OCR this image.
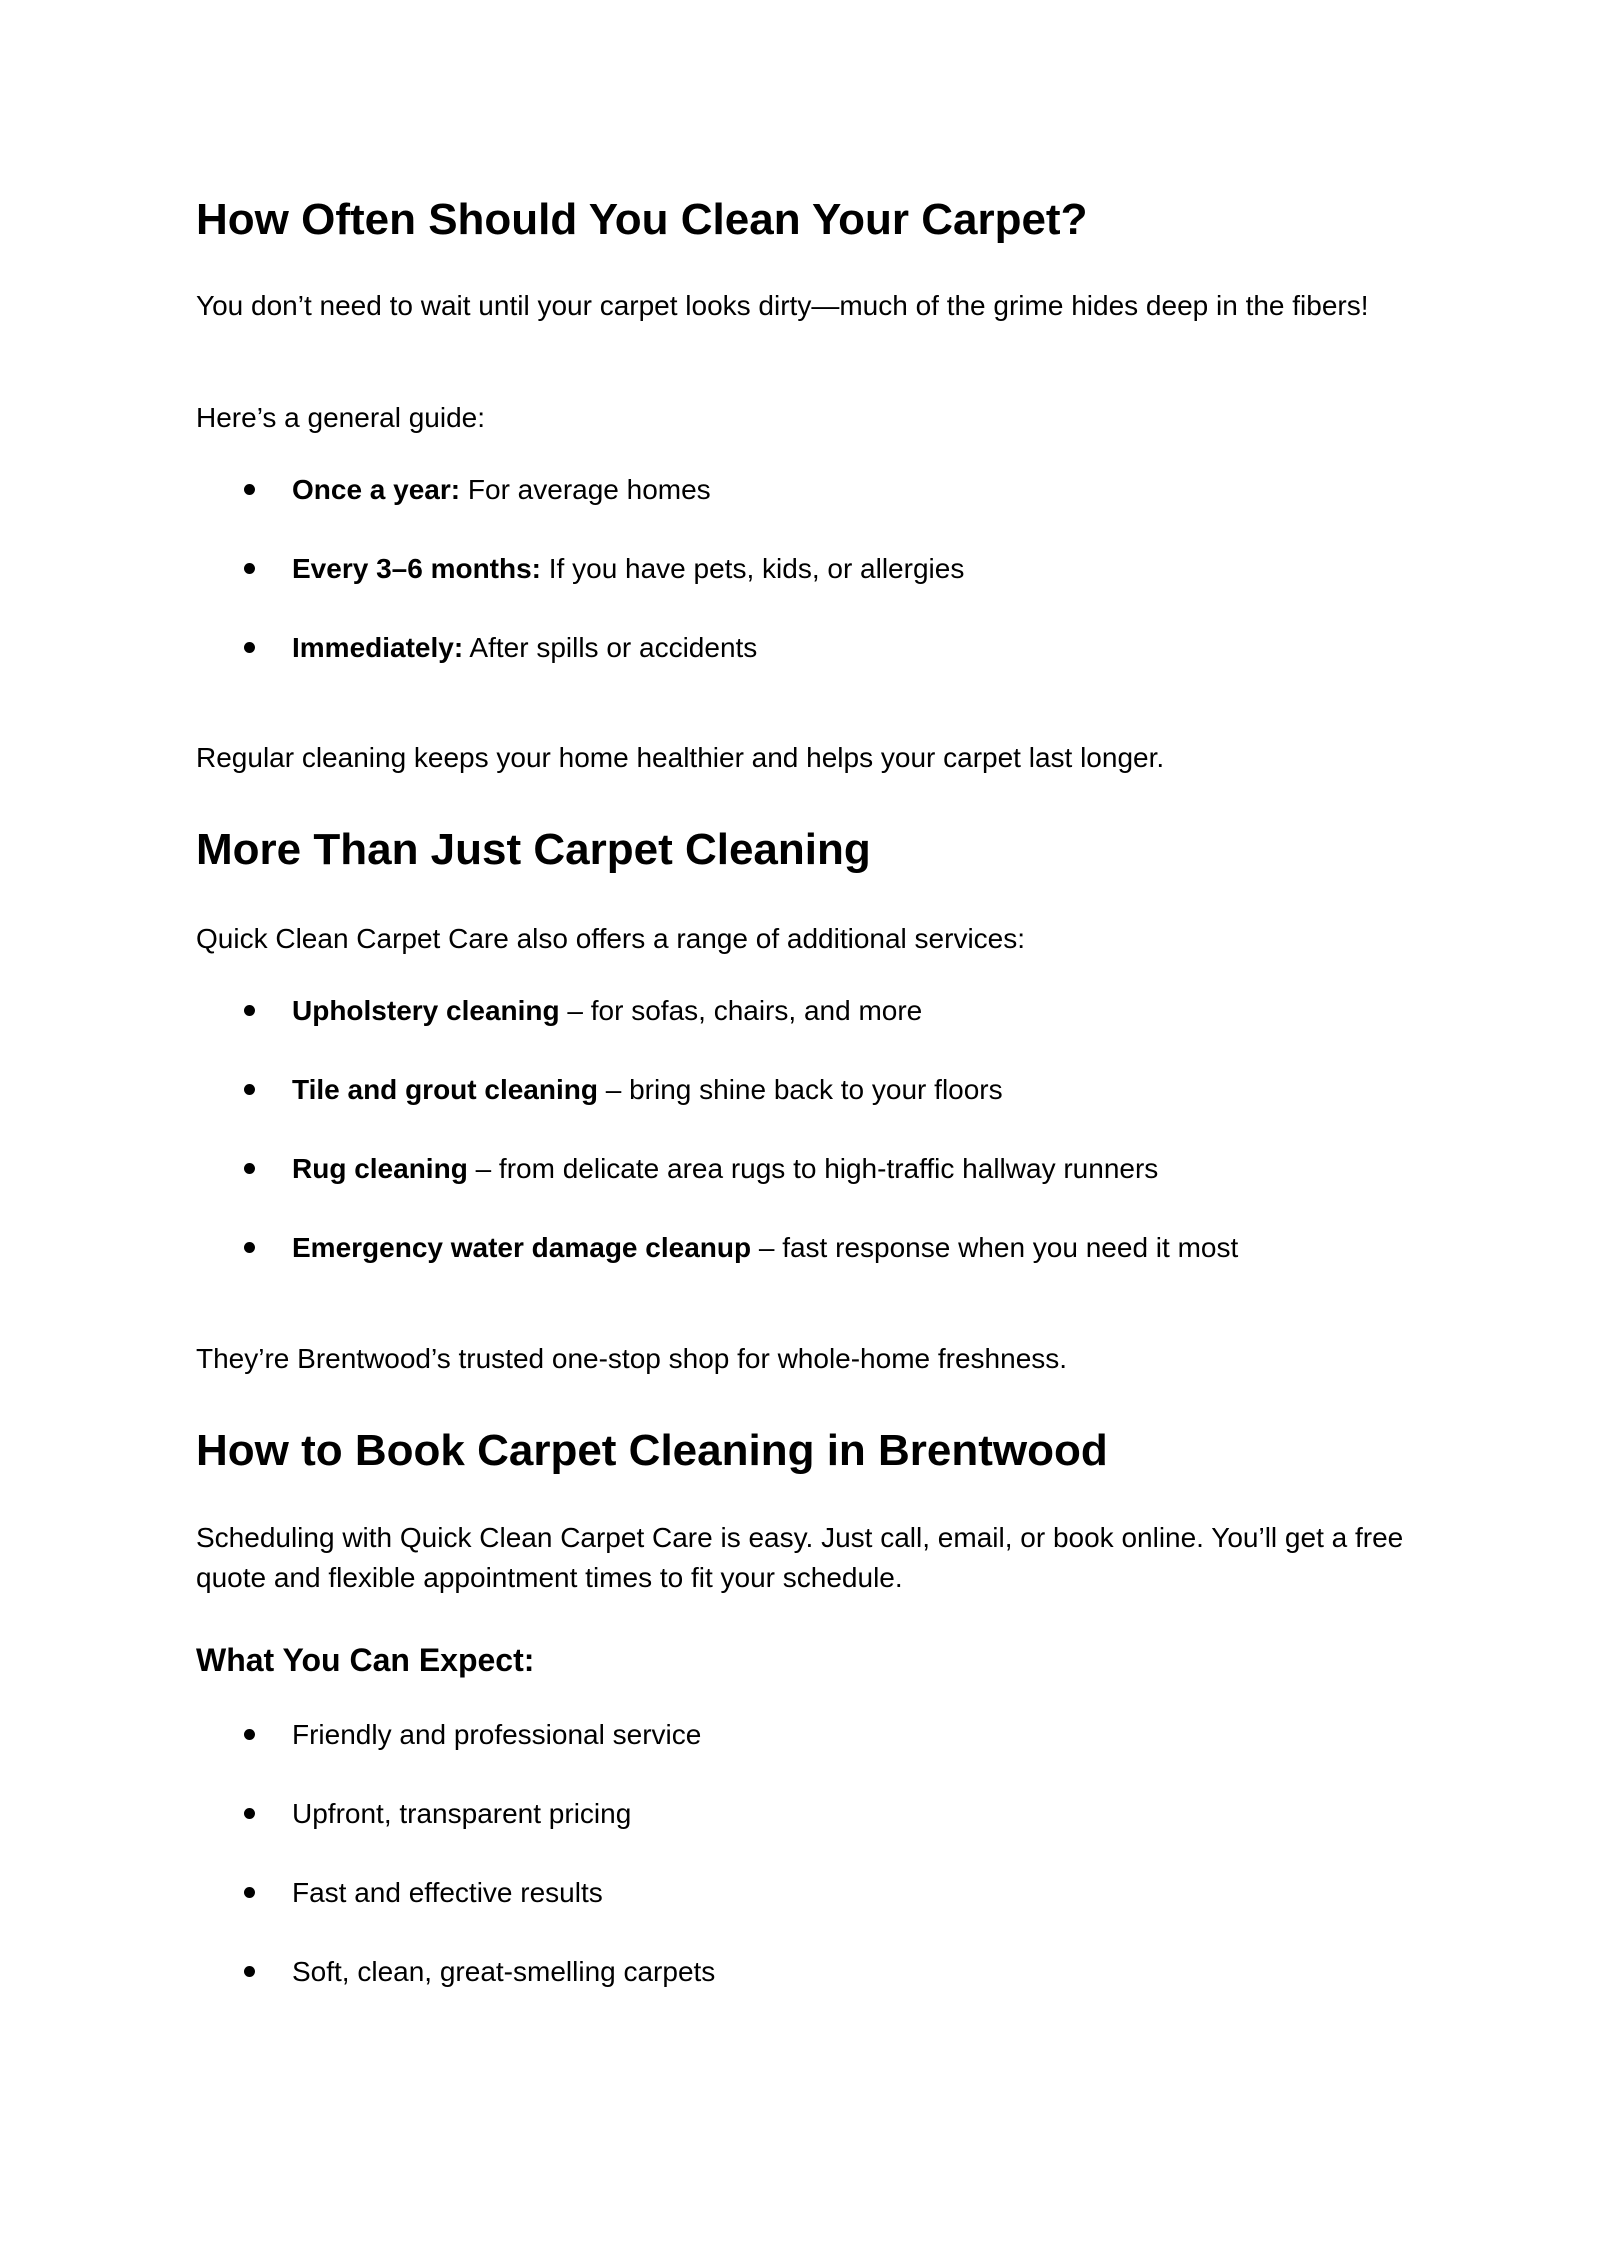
How Often Should You Clean Your Carpet?

You don’t need to wait until your carpet looks dirty—much of the grime hides deep in the fibers!

Here’s a general guide:

Once a year: For average homes
Every 3–6 months: If you have pets, kids, or allergies
Immediately: After spills or accidents

Regular cleaning keeps your home healthier and helps your carpet last longer.

More Than Just Carpet Cleaning

Quick Clean Carpet Care also offers a range of additional services:

Upholstery cleaning – for sofas, chairs, and more
Tile and grout cleaning – bring shine back to your floors
Rug cleaning – from delicate area rugs to high-traffic hallway runners
Emergency water damage cleanup – fast response when you need it most

They’re Brentwood’s trusted one-stop shop for whole-home freshness.

How to Book Carpet Cleaning in Brentwood

Scheduling with Quick Clean Carpet Care is easy. Just call, email, or book online. You’ll get a free quote and flexible appointment times to fit your schedule.

What You Can Expect:
Friendly and professional service
Upfront, transparent pricing
Fast and effective results
Soft, clean, great-smelling carpets
